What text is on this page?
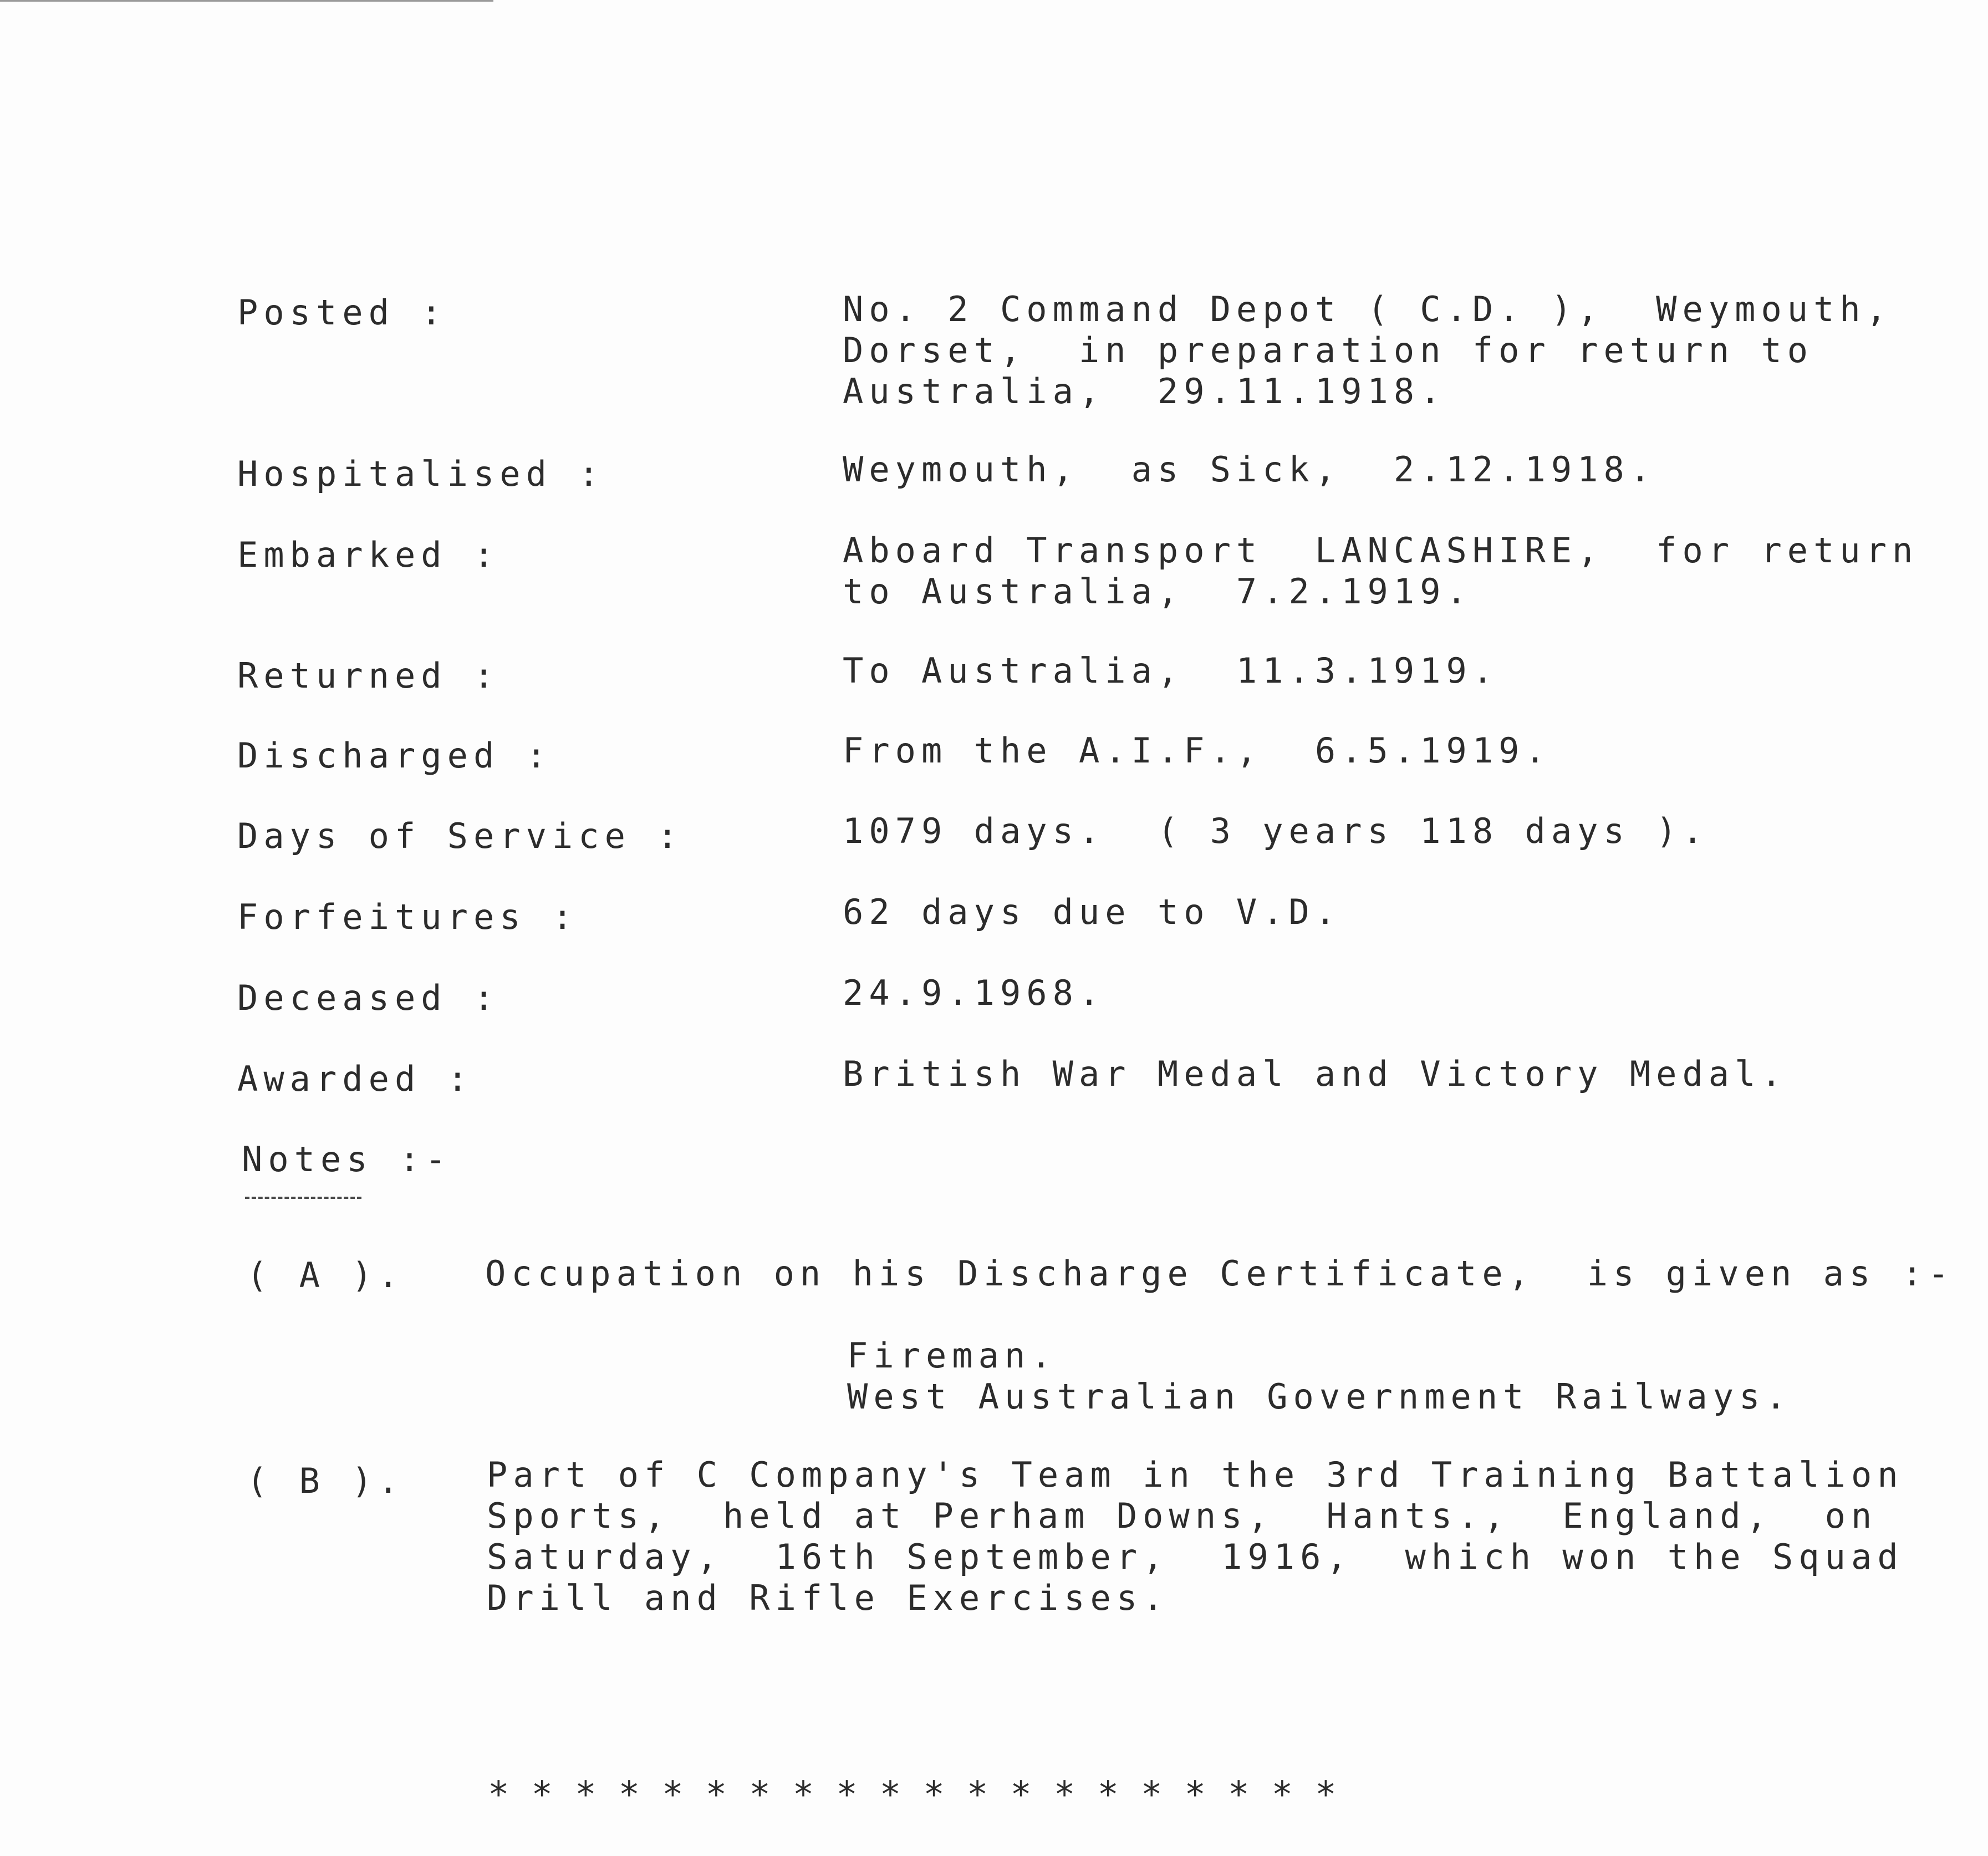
Posted :	No. 2 Command Depot ( C.D. ),  Weymouth,
Dorset,  in preparation for return to
Australia,  29.11.1918.

Hospitalised :	Weymouth,  as Sick,  2.12.1918.

Embarked :	Aboard Transport  LANCASHIRE,  for return
to Australia,  7.2.1919.

Returned :	To Australia,  11.3.1919.

Discharged :	From the A.I.F.,  6.5.1919.

Days of Service :	1079 days.  ( 3 years 118 days ).

Forfeitures :	62 days due to V.D.

Deceased :	24.9.1968.

Awarded :	British War Medal and Victory Medal.

Notes :-

( A ). Occupation on his Discharge Certificate,  is given as :-

Fireman.
West Australian Government Railways.

( B ). Part of C Company's Team in the 3rd Training Battalion
Sports,  held at Perham Downs,  Hants.,  England,  on
Saturday,  16th September,  1916,  which won the Squad
Drill and Rifle Exercises.

********************
